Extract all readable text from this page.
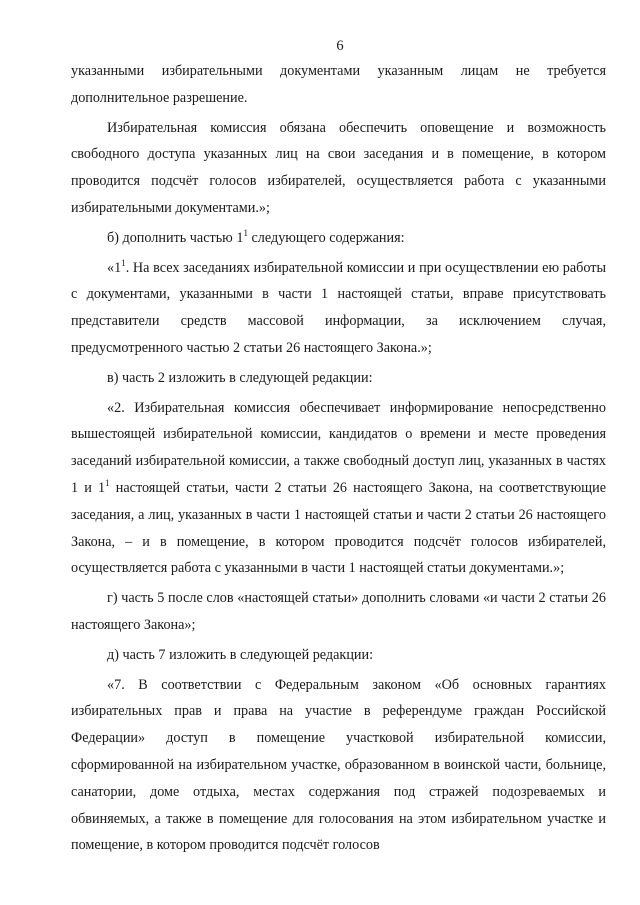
6

указанными избирательными документами указанным лицам не требуется дополнительное разрешение.

Избирательная комиссия обязана обеспечить оповещение и возможность свободного доступа указанных лиц на свои заседания и в помещение, в котором проводится подсчёт голосов избирателей, осуществляется работа с указанными избирательными документами.»;

б) дополнить частью $1^1$ следующего содержания:

«$1^1$. На всех заседаниях избирательной комиссии и при осуществлении ею работы с документами, указанными в части 1 настоящей статьи, вправе присутствовать представители средств массовой информации, за исключением случая, предусмотренного частью 2 статьи 26 настоящего Закона.»;

в) часть 2 изложить в следующей редакции:

«2. Избирательная комиссия обеспечивает информирование непосредственно вышестоящей избирательной комиссии, кандидатов о времени и месте проведения заседаний избирательной комиссии, а также свободный доступ лиц, указанных в частях 1 и $1^1$ настоящей статьи, части 2 статьи 26 настоящего Закона, на соответствующие заседания, а лиц, указанных в части 1 настоящей статьи и части 2 статьи 26 настоящего Закона, – и в помещение, в котором проводится подсчёт голосов избирателей, осуществляется работа с указанными в части 1 настоящей статьи документами.»;

г) часть 5 после слов «настоящей статьи» дополнить словами «и части 2 статьи 26 настоящего Закона»;

д) часть 7 изложить в следующей редакции:

«7. В соответствии с Федеральным законом «Об основных гарантиях избирательных прав и права на участие в референдуме граждан Российской Федерации» доступ в помещение участковой избирательной комиссии, сформированной на избирательном участке, образованном в воинской части, больнице, санатории, доме отдыха, местах содержания под стражей подозреваемых и обвиняемых, а также в помещение для голосования на этом избирательном участке и помещение, в котором проводится подсчёт голосов
